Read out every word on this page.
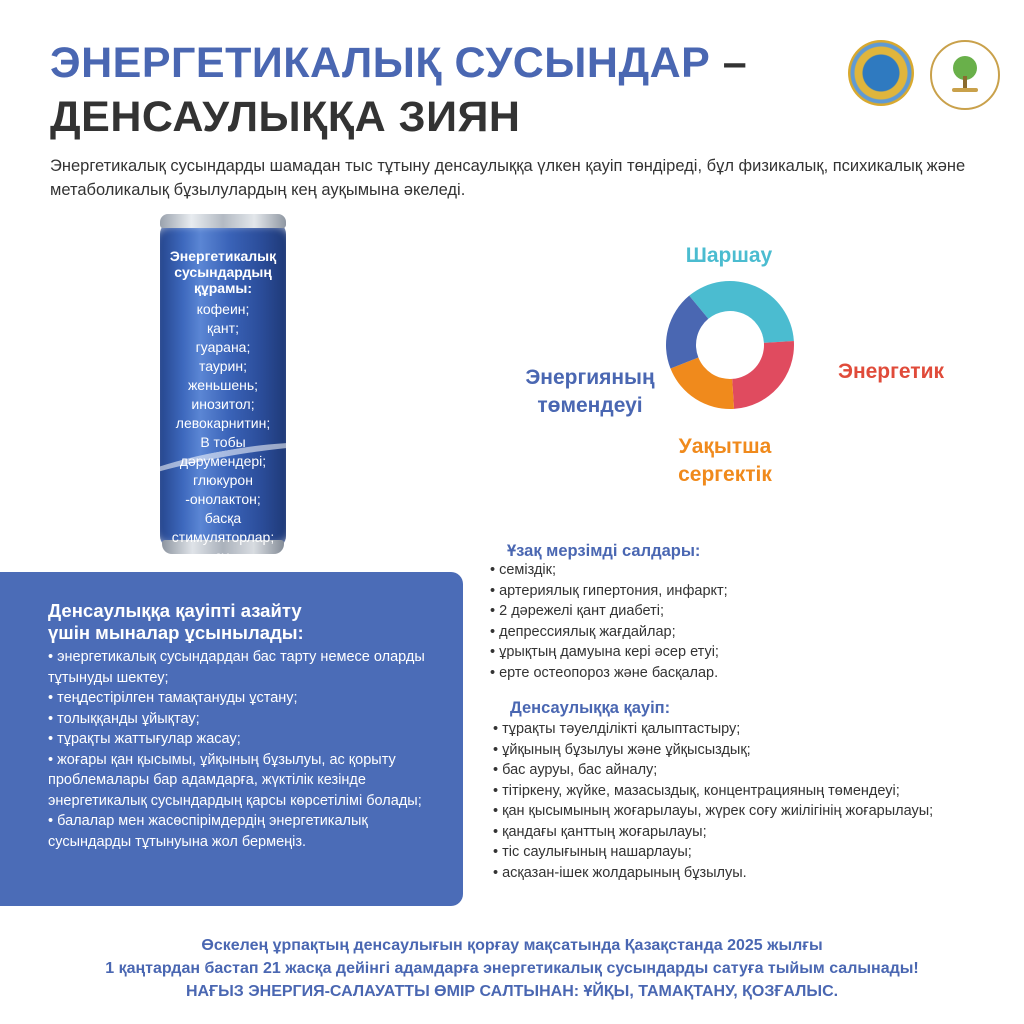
ЭНЕРГЕТИКАЛЫҚ СУСЫНДАР –
ДЕНСАУЛЫҚҚА ЗИЯН

Энергетикалық сусындарды шамадан тыс тұтыну денсаулыққа үлкен қауіп төндіреді, бұл физикалық, психикалық және метаболикалық бұзылулардың кең ауқымына әкеледі.

Энергетикалық
сусындардың
құрамы:
кофеин;
қант;
гуарана;
таурин;
женьшень;
инозитол;
левокарнитин;
В тобы
дәрумендері;
глюкурон
-онолактон;
басқа
стимуляторлар;
су.
Шаршау
Энергетик
Энергияның
төмендеуі
Уақытша
сергектік
Денсаулыққа қауіпті азайту
үшін мыналар ұсынылады:

• энергетикалық сусындардан бас тарту немесе оларды тұтынуды шектеу;

• теңдестірілген тамақтануды ұстану;

• толыққанды ұйықтау;

• тұрақты жаттығулар жасау;

• жоғары қан қысымы, ұйқының бұзылуы, ас қорыту проблемалары бар адамдарға, жүктілік кезінде энергетикалық сусындардың қарсы көрсетілімі болады;

• балалар мен жасөспірімдердің энергетикалық сусындарды тұтынуына жол бермеңіз.

Ұзақ мерзімді салдары:

• семіздік;

• артериялық гипертония, инфаркт;

• 2 дәрежелі қант диабеті;

• депрессиялық жағдайлар;

• ұрықтың дамуына кері әсер етуі;

• ерте остеопороз және басқалар.

Денсаулыққа қауіп:

• тұрақты тәуелділікті қалыптастыру;

• ұйқының бұзылуы және ұйқысыздық;

• бас ауруы, бас айналу;

• тітіркену, жүйке, мазасыздық, концентрацияның төмендеуі;

• қан қысымының жоғарылауы, жүрек соғу жиілігінің жоғарылауы;

• қандағы қанттың жоғарылауы;

• тіс саулығының нашарлауы;

• асқазан-ішек жолдарының бұзылуы.

Өскелең ұрпақтың денсаулығын қорғау мақсатында Қазақстанда 2025 жылғы
1 қаңтардан бастап 21 жасқа дейінгі адамдарға энергетикалық сусындарды сатуға тыйым салынады!
НАҒЫЗ ЭНЕРГИЯ-САЛАУАТТЫ ӨМІР САЛТЫНАН: ҰЙҚЫ, ТАМАҚТАНУ, ҚОЗҒАЛЫС.
